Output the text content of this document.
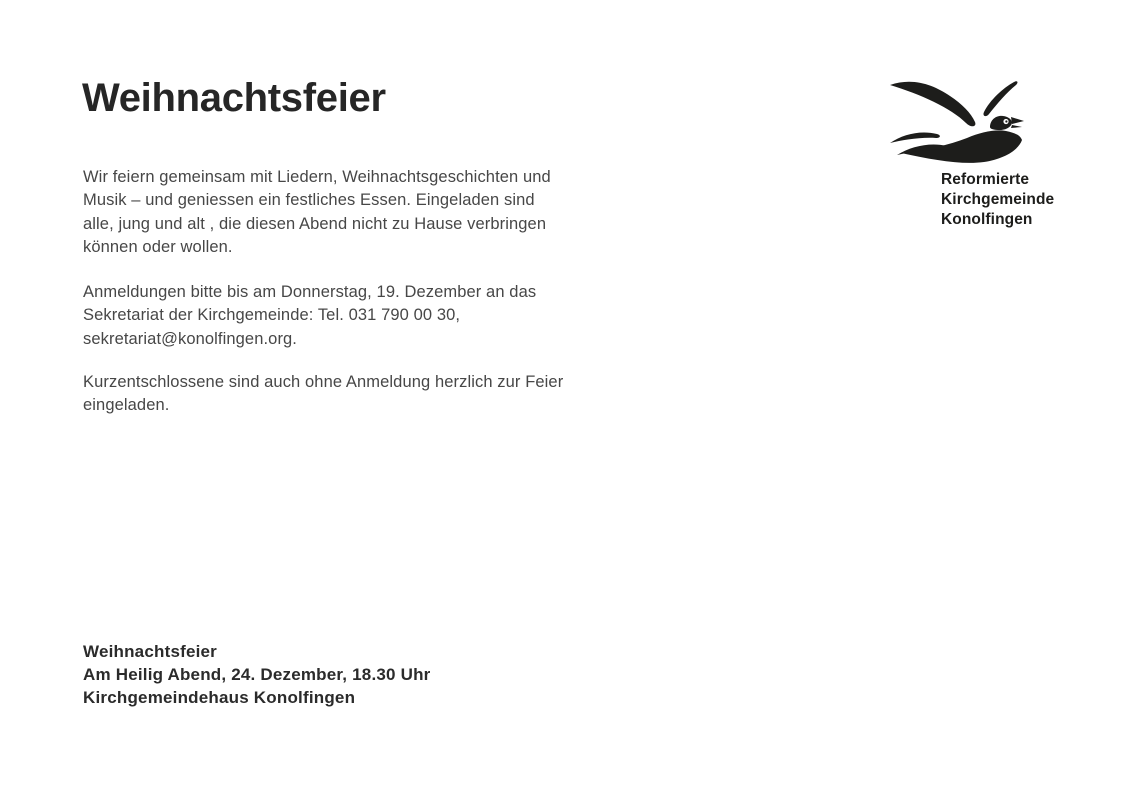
Weihnachtsfeier
Wir feiern gemeinsam mit Liedern, Weihnachtsgeschichten und
Musik – und geniessen ein festliches Essen. Eingeladen sind
alle, jung und alt , die diesen Abend nicht zu Hause verbringen
können oder wollen.
Anmeldungen bitte bis am Donnerstag, 19. Dezember an das
Sekretariat der Kirchgemeinde: Tel. 031 790 00 30,
sekretariat@konolfingen.org.
Kurzentschlossene sind auch ohne Anmeldung herzlich zur Feier
eingeladen.
Weihnachtsfeier
Am Heilig Abend, 24. Dezember, 18.30 Uhr
Kirchgemeindehaus Konolfingen
Reformierte
Kirchgemeinde
Konolfingen
